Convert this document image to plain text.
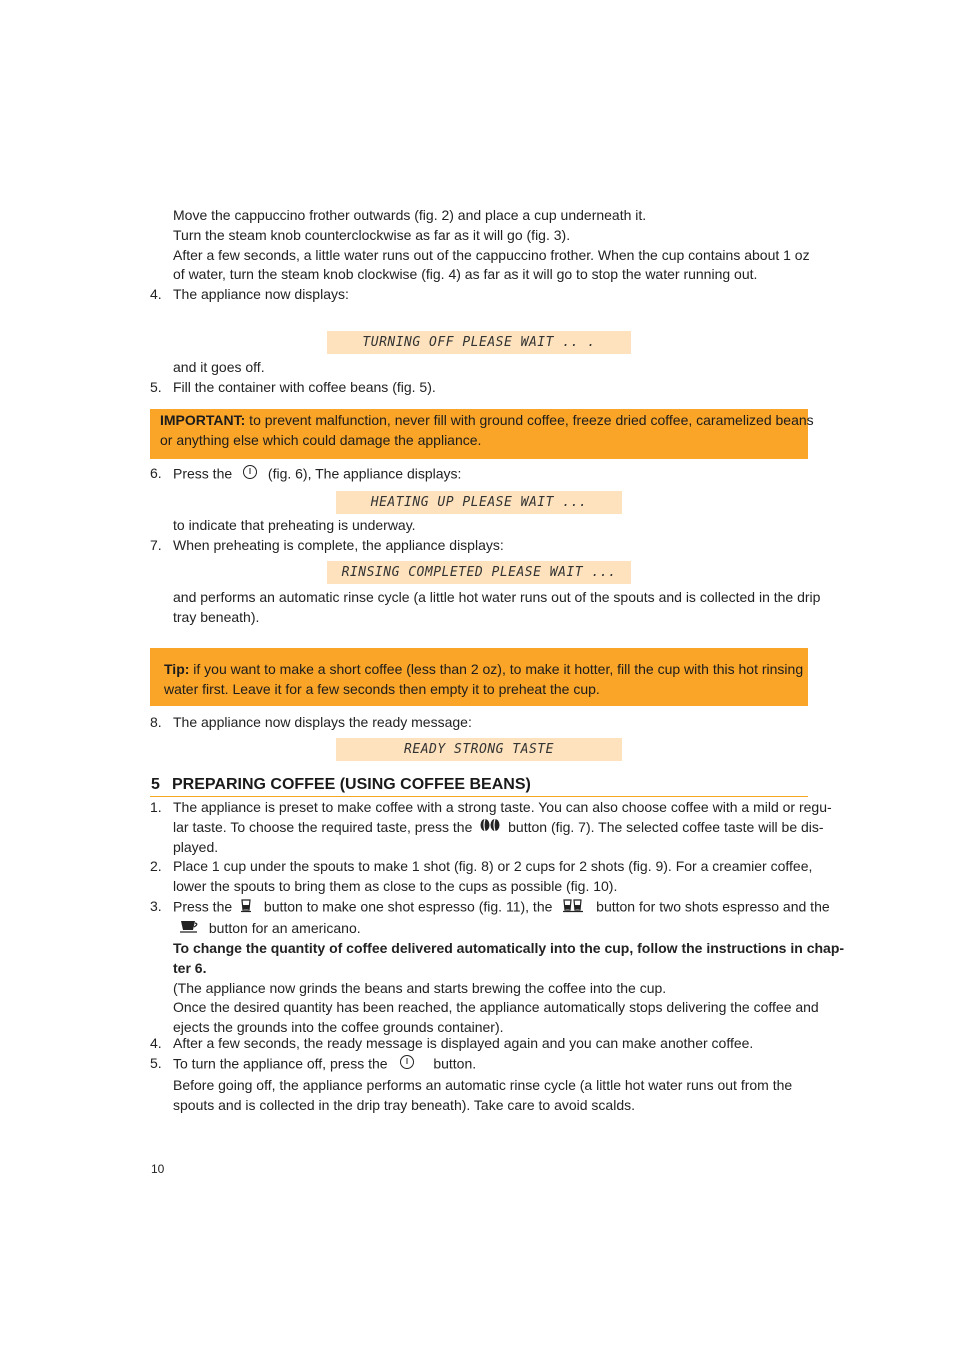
Move the cappuccino frother outwards (fig. 2) and place a cup underneath it.
Turn the steam knob counterclockwise as far as it will go (fig. 3).
After a few seconds, a little water runs out of the cappuccino frother. When the cup contains about 1 oz
of water, turn the steam knob clockwise (fig. 4) as far as it will go to stop the water running out.
4. The appliance now displays:
TURNING OFF PLEASE WAIT .. .
and it goes off.
5. Fill the container with coffee beans (fig. 5).
IMPORTANT: to prevent malfunction, never fill with ground coffee, freeze dried coffee, caramelized beans
or anything else which could damage the appliance.
6. Press the	(fig. 6), The appliance displays:
HEATING UP PLEASE WAIT ...
to indicate that preheating is underway.
7. When preheating is complete, the appliance displays:
RINSING COMPLETED PLEASE WAIT ...
and performs an automatic rinse cycle (a little hot water runs out of the spouts and is collected in the drip
tray beneath).
Tip: if you want to make a short coffee (less than 2 oz), to make it hotter, fill the cup with this hot rinsing
water first. Leave it for a few seconds then empty it to preheat the cup.
8. The appliance now displays the ready message:
READY STRONG TASTE
5 PREPARING COFFEE (USING COFFEE BEANS)
1. The appliance is preset to make coffee with a strong taste. You can also choose coffee with a mild or regu-
lar taste. To choose the required taste, press the	button (fig. 7). The selected coffee taste will be dis-
played.
2. Place 1 cup under the spouts to make 1 shot (fig. 8) or 2 cups for 2 shots (fig. 9). For a creamier coffee,
lower the spouts to bring them as close to the cups as possible (fig. 10).
3. Press the button to make one shot espresso (fig. 11), the	button for two shots espresso and the
button for an americano.
To change the quantity of coffee delivered automatically into the cup, follow the instructions in chap-
ter 6.
(The appliance now grinds the beans and starts brewing the coffee into the cup.
Once the desired quantity has been reached, the appliance automatically stops delivering the coffee and
ejects the grounds into the coffee grounds container).
4. After a few seconds, the ready message is displayed again and you can make another coffee.
5. To turn the appliance off, press the	button.
Before going off, the appliance performs an automatic rinse cycle (a little hot water runs out from the
spouts and is collected in the drip tray beneath). Take care to avoid scalds.
10
